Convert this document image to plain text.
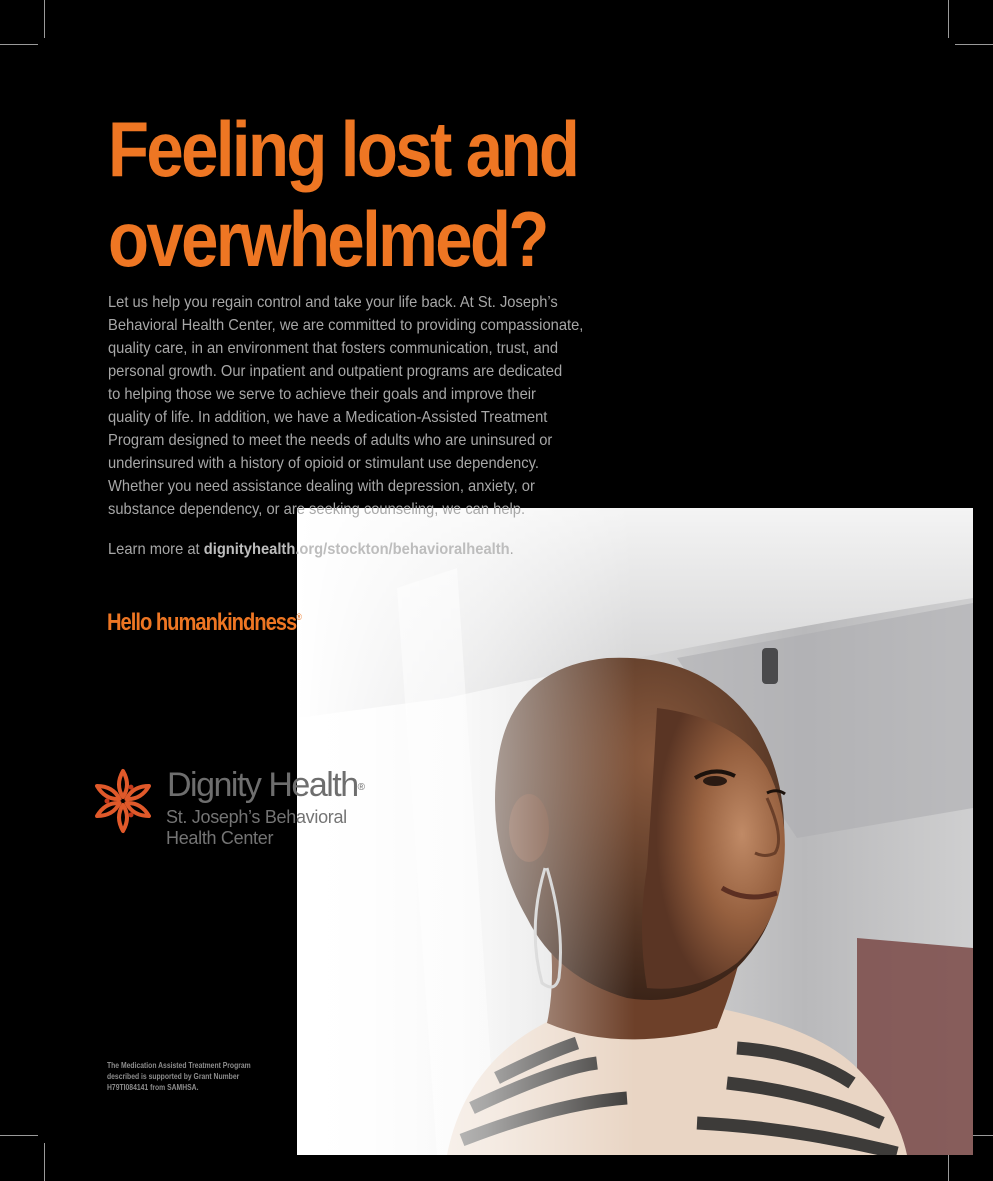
Feeling lost and
overwhelmed?

Let us help you regain control and take your life back. At St. Joseph’s
Behavioral Health Center, we are committed to providing compassionate,
quality care, in an environment that fosters communication, trust, and
personal growth. Our inpatient and outpatient programs are dedicated
to helping those we serve to achieve their goals and improve their
quality of life. In addition, we have a Medication-Assisted Treatment
Program designed to meet the needs of adults who are uninsured or
underinsured with a history of opioid or stimulant use dependency.
Whether you need assistance dealing with depression, anxiety, or
substance dependency, or are seeking counseling, we can help.

Learn more at dignityhealth.org/stockton/behavioralhealth.

Hello humankindness®
Dignity Health®
St. Joseph’s Behavioral
Health Center
The Medication Assisted Treatment Program
described is supported by Grant Number
H79TI084141 from SAMHSA.
